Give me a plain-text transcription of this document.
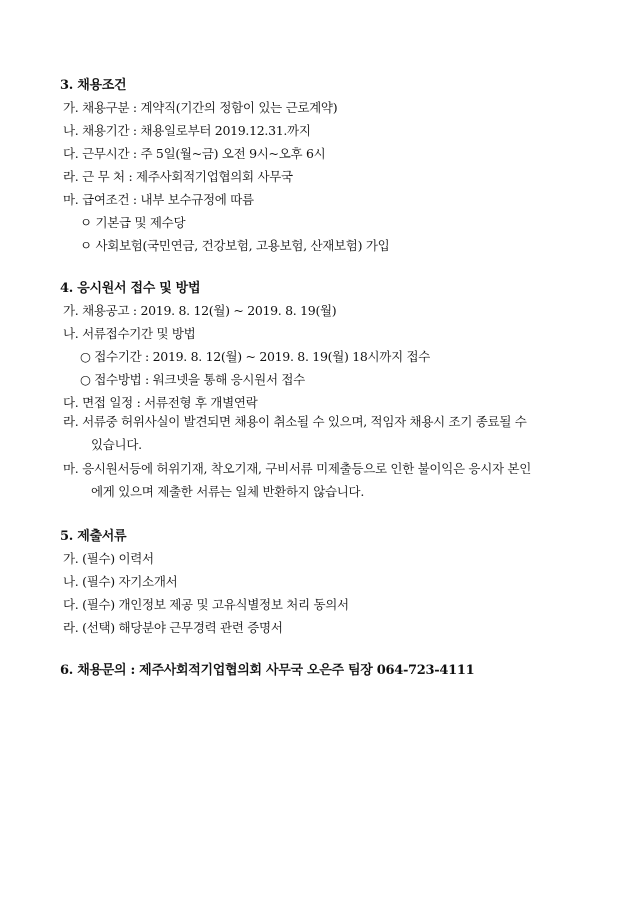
3. 채용조건
가. 채용구분 : 계약직(기간의 정함이 있는 근로계약)
나. 채용기간 : 채용일로부터 2019.12.31.까지
다. 근무시간 : 주 5일(월~금) 오전 9시~오후 6시
라. 근 무 처 : 제주사회적기업협의회 사무국
마. 급여조건 : 내부 보수규정에 따름
ㅇ 기본급 및 제수당
ㅇ 사회보험(국민연금, 건강보험, 고용보험, 산재보험) 가입
4. 응시원서 접수 및 방법
가. 채용공고 : 2019. 8. 12(월) ~ 2019. 8. 19(월)
나. 서류접수기간 및 방법
○ 접수기간 : 2019. 8. 12(월) ~ 2019. 8. 19(월) 18시까지 접수
○ 접수방법 : 워크넷을 통해 응시원서 접수
다. 면접 일정 : 서류전형 후 개별연락
라. 서류중 허위사실이 발견되면 채용이 취소될 수 있으며, 적임자 채용시 조기 종료될 수
있습니다.
마. 응시원서등에 허위기재, 착오기재, 구비서류 미제출등으로 인한 불이익은 응시자 본인
에게 있으며 제출한 서류는 일체 반환하지 않습니다.
5. 제출서류
가. (필수) 이력서
나. (필수) 자기소개서
다. (필수) 개인정보 제공 및 고유식별정보 처리 동의서
라. (선택) 해당분야 근무경력 관련 증명서
6. 채용문의 : 제주사회적기업협의회 사무국 오은주 팀장 064-723-4111
